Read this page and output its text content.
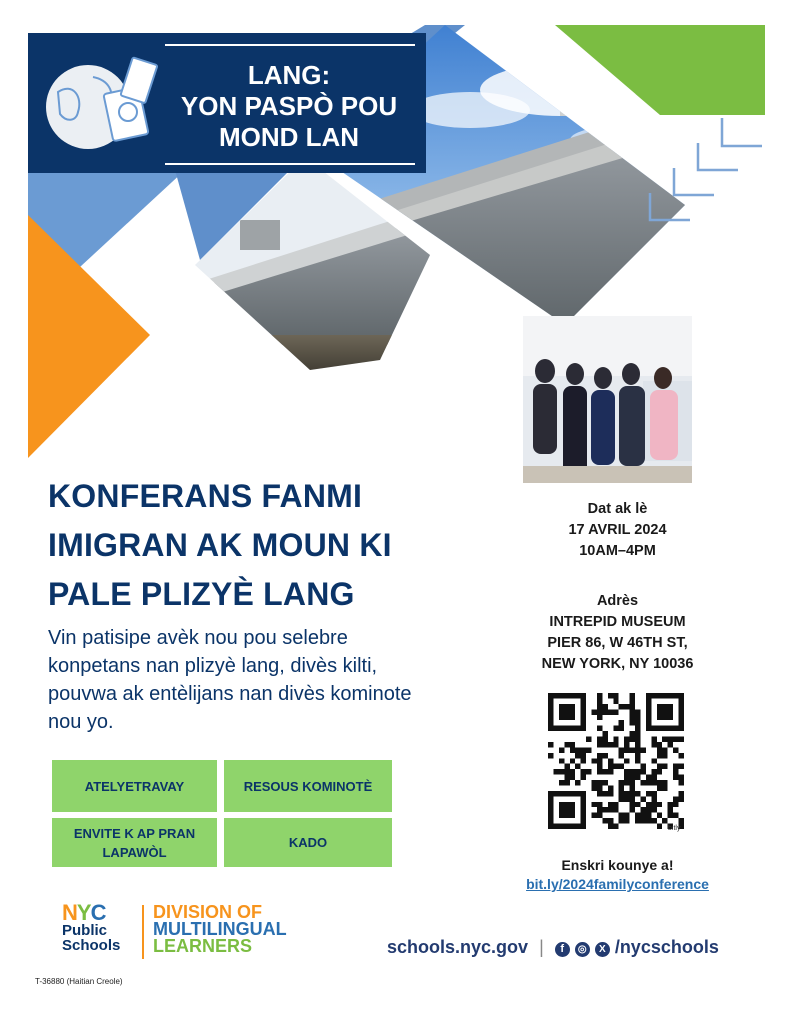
LANG:
YON PASPÒ POU
MOND LAN
KONFERANS FANMI
IMIGRAN AK MOUN KI
PALE PLIZYÈ LANG
Vin patisipe avèk nou pou selebre
konpetans nan plizyè lang, divès kilti,
pouvwa ak entèlijans nan divès kominote
nou yo.
ATELYETRAVAY	RESOUS KOMINOTÈ
ENVITE K AP PRAN LAPAWÒL
KADO
Dat ak lè
17 AVRIL 2024
10AM–4PM
Adrès
INTREPID MUSEUM
PIER 86, W 46TH ST,
NEW YORK, NY 10036
bitly
Enskri kounye a!
bit.ly/2024familyconference
NYC
Public
Schools
DIVISION OF
MULTILINGUAL
LEARNERS	schools.nyc.gov | f ◎ X /nycschools
T-36880 (Haitian Creole)
